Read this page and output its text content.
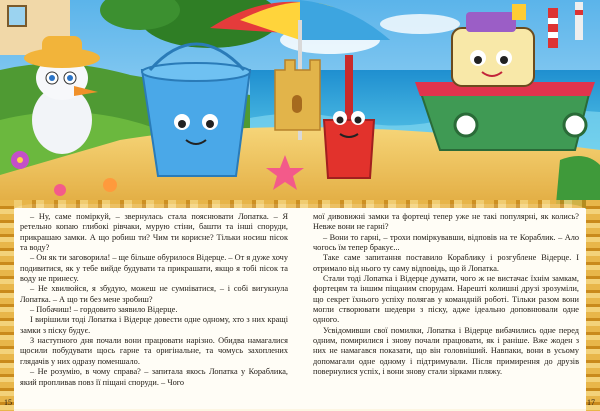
– Ну, саме поміркуй, – звернулась стала пояснювати Лопатка. – Я ретельно копаю глибокі рівчаки, мурую стіни, башти та інші споруди, прикрашаю замки. А що робиш ти? Чим ти корисне? Тільки носиш пісок та воду?

– Он як ти заговорила! – ще більше обурилося Відерце. – От я дуже хочу подивитися, як у тебе вийде будувати та прикрашати, якщо я тобі пісок та воду не принесу.

– Не хвилюйся, я збудую, можеш не сумніватися, – і собі вигукнула Лопатка. – А що ти без мене зробиш?

– Побачиш! – гордовито заявило Відерце.

І вирішили тоді Лопатка і Відерце довести одне одному, хто з них кращі замки з піску будує.

З наступного дня почали вони працювати нарізно. Обидва намагалися щосили побудувати щось гарне та оригінальне, та чомусь захоплених глядачів у них одразу поменшало.

– Не розумію, в чому справа? – запитала якось Лопатка у Кораблика, який пропливав повз її піщані споруди. – Чого

мої дивовижні замки та фортеці тепер уже не такі популярні, як колись? Невже вони не гарні?

– Вони то гарні, – трохи поміркувавши, відповів на те Кораблик. – Ало чогось їм тепер бракує...

Таке саме запитання поставило Кораблику і розгублене Відерце. І отримало від нього ту саму відповідь, що й Лопатка.

Стали тоді Лопатка і Відерце думати, чого ж не вистачає їхнім замкам, фортецям та іншим піщаним спорудам. Нарешті колишні друзі зрозуміли, що секрет їхнього успіху полягав у командній роботі. Тільки разом вони могли створювати шедеври з піску, адже ідеально доповнювали одне одного.

Усвідомивши свої помилки, Лопатка і Відерце вибачились одне перед одним, помирилися і знову почали працювати, як і раніше. Вже жоден з них не намагався показати, що він головніший. Навпаки, вони в усьому допомагали одне одному і підтримували. Після примирення до друзів повернулися успіх, і вони знову стали зірками пляжу.

15	17
